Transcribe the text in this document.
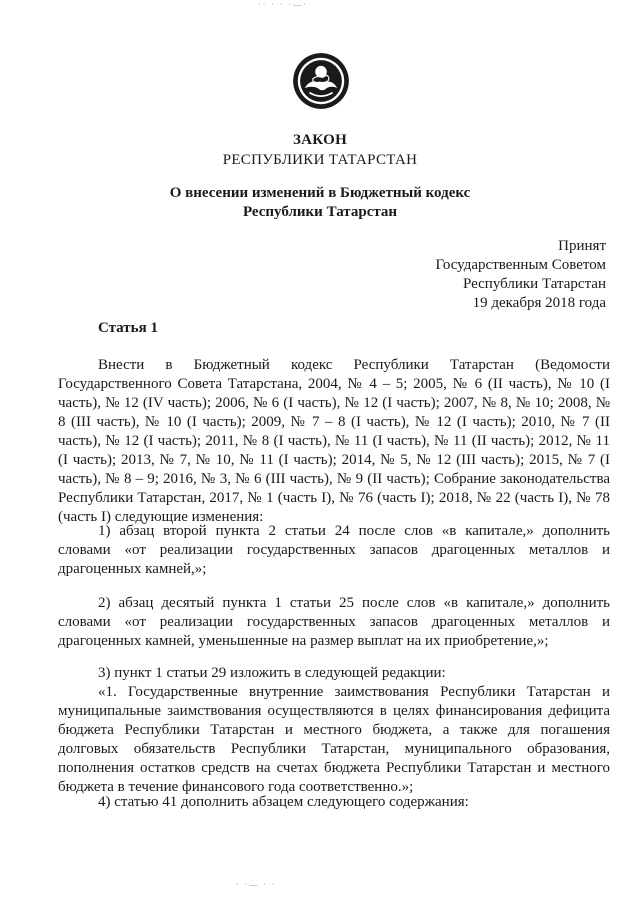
·· · · ·—·
ЗАКОН
РЕСПУБЛИКИ ТАТАРСТАН
О внесении изменений в Бюджетный кодекс
Республики Татарстан
Принят
Государственным Советом
Республики Татарстан
19 декабря 2018 года
Статья 1

Внести в Бюджетный кодекс Республики Татарстан (Ведомости Государственного Совета Татарстана, 2004, № 4 – 5; 2005, № 6 (II часть), № 10 (I часть), № 12 (IV часть); 2006, № 6 (I часть), № 12 (I часть); 2007, № 8, № 10; 2008, № 8 (III часть), № 10 (I часть); 2009, № 7 – 8 (I часть), № 12 (I часть); 2010, № 7 (II часть), № 12 (I часть); 2011, № 8 (I часть), № 11 (I часть), № 11 (II часть); 2012, № 11 (I часть); 2013, № 7, № 10, № 11 (I часть); 2014, № 5, № 12 (III часть); 2015, № 7 (I часть), № 8 – 9; 2016, № 3, № 6 (III часть), № 9 (II часть); Собрание законодательства Республики Татарстан, 2017, № 1 (часть I), № 76 (часть I); 2018, № 22 (часть I), № 78 (часть I) следующие изменения:

1) абзац второй пункта 2 статьи 24 после слов «в капитале,» дополнить словами «от реализации государственных запасов драгоценных металлов и драгоценных камней,»;

2) абзац десятый пункта 1 статьи 25 после слов «в капитале,» дополнить словами «от реализации государственных запасов драгоценных металлов и драгоценных камней, уменьшенные на размер выплат на их приобретение,»;

3) пункт 1 статьи 29 изложить в следующей редакции:

«1. Государственные внутренние заимствования Республики Татарстан и муниципальные заимствования осуществляются в целях финансирования дефицита бюджета Республики Татарстан и местного бюджета, а также для погашения долговых обязательств Республики Татарстан, муниципального образования, пополнения остатков средств на счетах бюджета Республики Татарстан и местного бюджета в течение финансового года соответственно.»;

4) статью 41 дополнить абзацем следующего содержания:

· ·— · ·
